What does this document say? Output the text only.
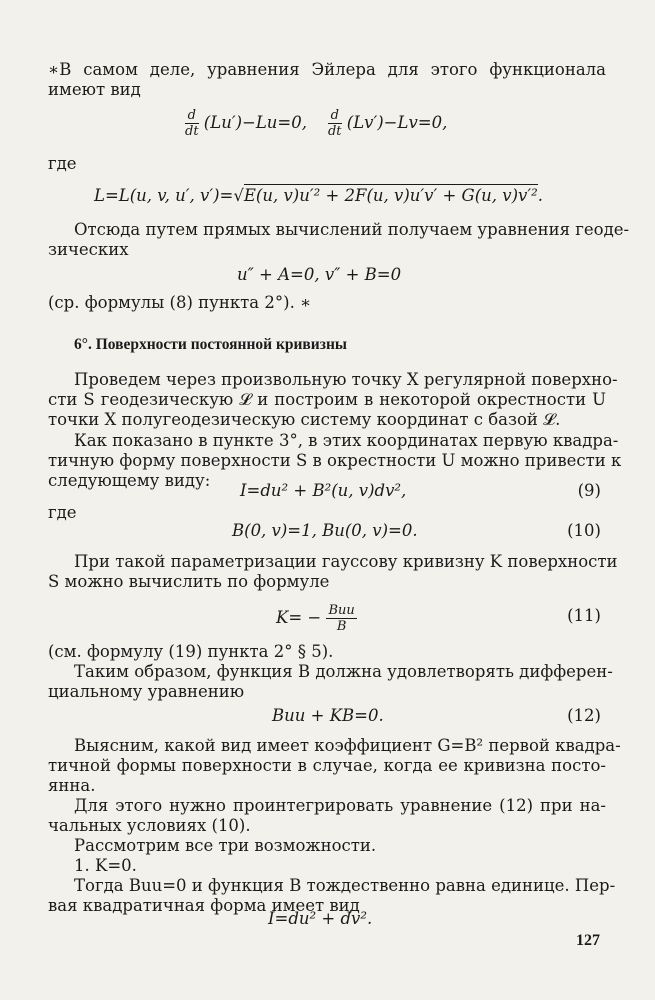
∗В самом деле, уравнения Эйлера для этого функционала
имеют вид
$\frac{d}{dt} (Lu')-Lu=0$, $\frac{d}{dt} (Lv')-Lv=0$,
где
L=L(u, v, u′, v′)=√E(u, v)u′² + 2F(u, v)u′v′ + G(u, v)v′².
Отсюда путем прямых вычислений получаем уравнения геоде-
зических
u″ + A=0, v″ + B=0
(ср. формулы (8) пункта 2°). ∗
6°. Поверхности постоянной кривизны
Проведем через произвольную точку X регулярной поверхно-
сти S геодезическую 𝓛 и построим в некоторой окрестности U
точки X полугеодезическую систему координат с базой 𝓛.
Как показано в пункте 3°, в этих координатах первую квадра-
тичную форму поверхности S в окрестности U можно привести к
следующему виду:
I=du² + B²(u, v)dv²,	(9)
где
B(0, v)=1, Bu(0, v)=0.	(10)
При такой параметризации гауссову кривизну K поверхности
S можно вычислить по формуле
$K= - \frac{\text{Buu}}{B}$	(11)
(см. формулу (19) пункта 2° § 5).
Таким образом, функция B должна удовлетворять дифферен-
циальному уравнению
Buu + KB=0.	(12)
Выясним, какой вид имеет коэффициент G=B² первой квадра-
тичной формы поверхности в случае, когда ее кривизна посто-
янна.
Для этого нужно проинтегрировать уравнение (12) при на-
чальных условиях (10).
Рассмотрим все три возможности.
1. K=0.
Тогда Buu=0 и функция B тождественно равна единице. Пер-
вая квадратичная форма имеет вид
I=du² + dv².
127
